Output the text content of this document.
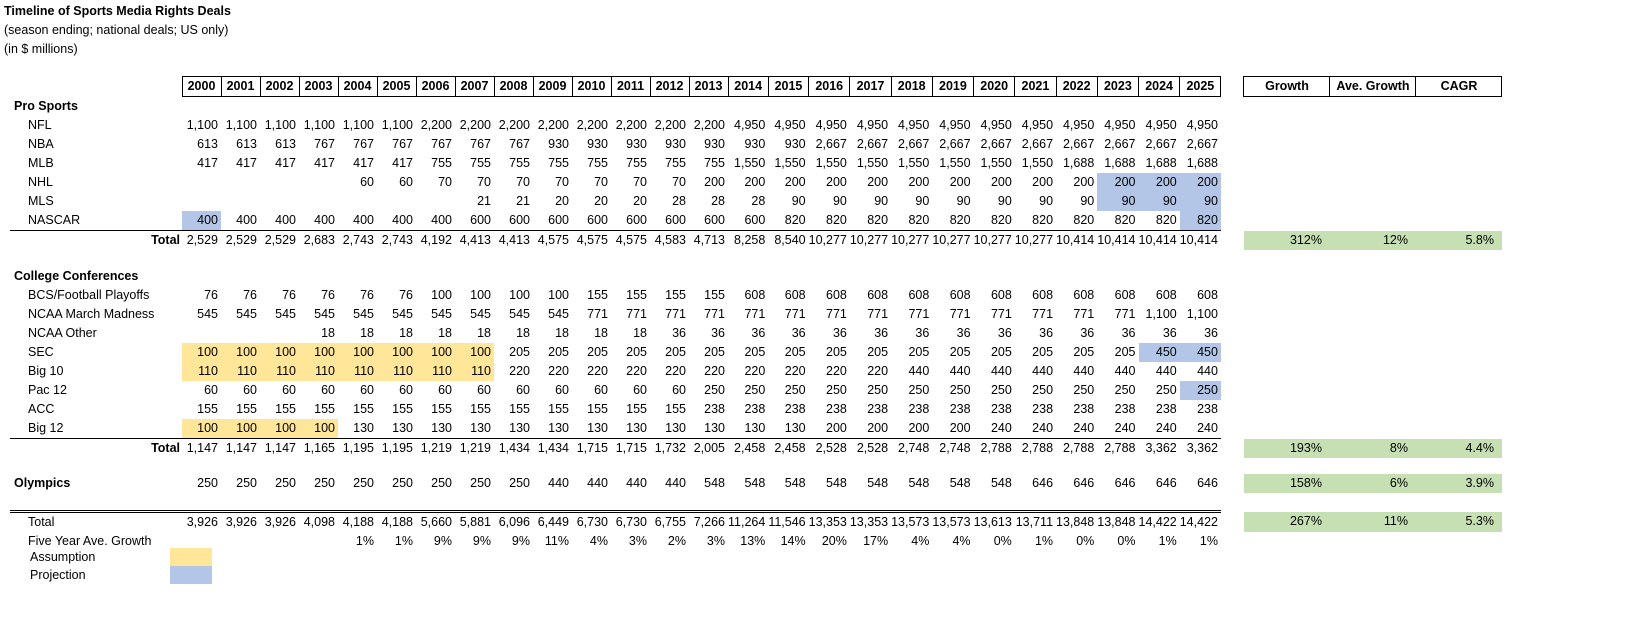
Timeline of Sports Media Rights Deals
(season ending; national deals; US only)
(in $ millions)
	2000	2001	2002	2003	2004	2005	2006	2007	2008	2009	2010	2011	2012	2013	2014	2015	2016	2017	2018	2019	2020	2021	2022	2023	2024	2025		Growth	Ave. Growth	CAGR
Pro Sports																														
NFL	1,100	1,100	1,100	1,100	1,100	1,100	2,200	2,200	2,200	2,200	2,200	2,200	2,200	2,200	4,950	4,950	4,950	4,950	4,950	4,950	4,950	4,950	4,950	4,950	4,950	4,950				
NBA	613	613	613	767	767	767	767	767	767	930	930	930	930	930	930	930	2,667	2,667	2,667	2,667	2,667	2,667	2,667	2,667	2,667	2,667				
MLB	417	417	417	417	417	417	755	755	755	755	755	755	755	755	1,550	1,550	1,550	1,550	1,550	1,550	1,550	1,550	1,688	1,688	1,688	1,688				
NHL					60	60	70	70	70	70	70	70	70	200	200	200	200	200	200	200	200	200	200	200	200	200				
MLS								21	21	20	20	20	28	28	28	90	90	90	90	90	90	90	90	90	90	90				
NASCAR	400	400	400	400	400	400	400	600	600	600	600	600	600	600	600	820	820	820	820	820	820	820	820	820	820	820				
Total	2,529	2,529	2,529	2,683	2,743	2,743	4,192	4,413	4,413	4,575	4,575	4,575	4,583	4,713	8,258	8,540	10,277	10,277	10,277	10,277	10,277	10,277	10,414	10,414	10,414	10,414		312%	12%	5.8%

College Conferences																														
BCS/Football Playoffs	76	76	76	76	76	76	100	100	100	100	155	155	155	155	608	608	608	608	608	608	608	608	608	608	608	608				
NCAA March Madness	545	545	545	545	545	545	545	545	545	545	771	771	771	771	771	771	771	771	771	771	771	771	771	771	1,100	1,100				
NCAA Other				18	18	18	18	18	18	18	18	18	36	36	36	36	36	36	36	36	36	36	36	36	36	36				
SEC	100	100	100	100	100	100	100	100	205	205	205	205	205	205	205	205	205	205	205	205	205	205	205	205	450	450				
Big 10	110	110	110	110	110	110	110	110	220	220	220	220	220	220	220	220	220	220	440	440	440	440	440	440	440	440				
Pac 12	60	60	60	60	60	60	60	60	60	60	60	60	60	250	250	250	250	250	250	250	250	250	250	250	250	250				
ACC	155	155	155	155	155	155	155	155	155	155	155	155	155	238	238	238	238	238	238	238	238	238	238	238	238	238				
Big 12	100	100	100	100	130	130	130	130	130	130	130	130	130	130	130	130	200	200	200	200	240	240	240	240	240	240				
Total	1,147	1,147	1,147	1,165	1,195	1,195	1,219	1,219	1,434	1,434	1,715	1,715	1,732	2,005	2,458	2,458	2,528	2,528	2,748	2,748	2,788	2,788	2,788	2,788	3,362	3,362		193%	8%	4.4%

Olympics	250	250	250	250	250	250	250	250	250	440	440	440	440	548	548	548	548	548	548	548	548	646	646	646	646	646		158%	6%	3.9%

Total	3,926	3,926	3,926	4,098	4,188	4,188	5,660	5,881	6,096	6,449	6,730	6,730	6,755	7,266	11,264	11,546	13,353	13,353	13,573	13,573	13,613	13,711	13,848	13,848	14,422	14,422		267%	11%	5.3%
Five Year Ave. Growth					1%	1%	9%	9%	9%	11%	4%	3%	2%	3%	13%	14%	20%	17%	4%	4%	0%	1%	0%	0%	1%	1%				
Assumption
Projection
